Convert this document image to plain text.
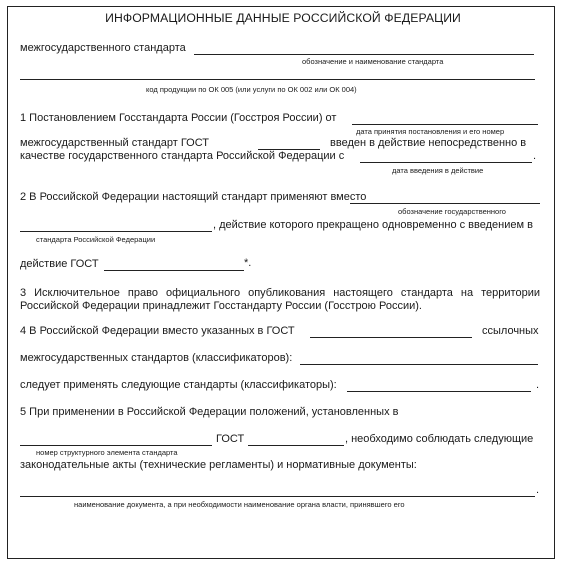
ИНФОРМАЦИОННЫЕ ДАННЫЕ РОССИЙСКОЙ ФЕДЕРАЦИИ
межгосударственного стандарта
обозначение и наименование стандарта
код продукции по ОК 005 (или услуги по ОК 002 или ОК 004)
1 Постановлением Госстандарта России (Госстроя России) от
дата принятия постановления и его номер
межгосударственный стандарт ГОСТ	введен в действие непосредственно в
качестве государственного стандарта Российской Федерации с	.
дата введения в действие
2 В Российской Федерации настоящий стандарт применяют вместо
обозначение государственного
, действие которого прекращено одновременно с введением в
стандарта Российской Федерации
действие ГОСТ	*.
3 Исключительное право официального опубликования настоящего стандарта на территории
Российской Федерации принадлежит Госстандарту России (Госстрою России).
4 В Российской Федерации вместо указанных в ГОСТ	ссылочных
межгосударственных стандартов (классификаторов):
следует применять следующие стандарты (классификаторы):	.
5 При применении в Российской Федерации положений, установленных в
ГОСТ	, необходимо соблюдать следующие
номер структурного элемента стандарта
законодательные акты (технические регламенты) и нормативные документы:
.
наименование документа, а при необходимости наименование органа власти, принявшего его
